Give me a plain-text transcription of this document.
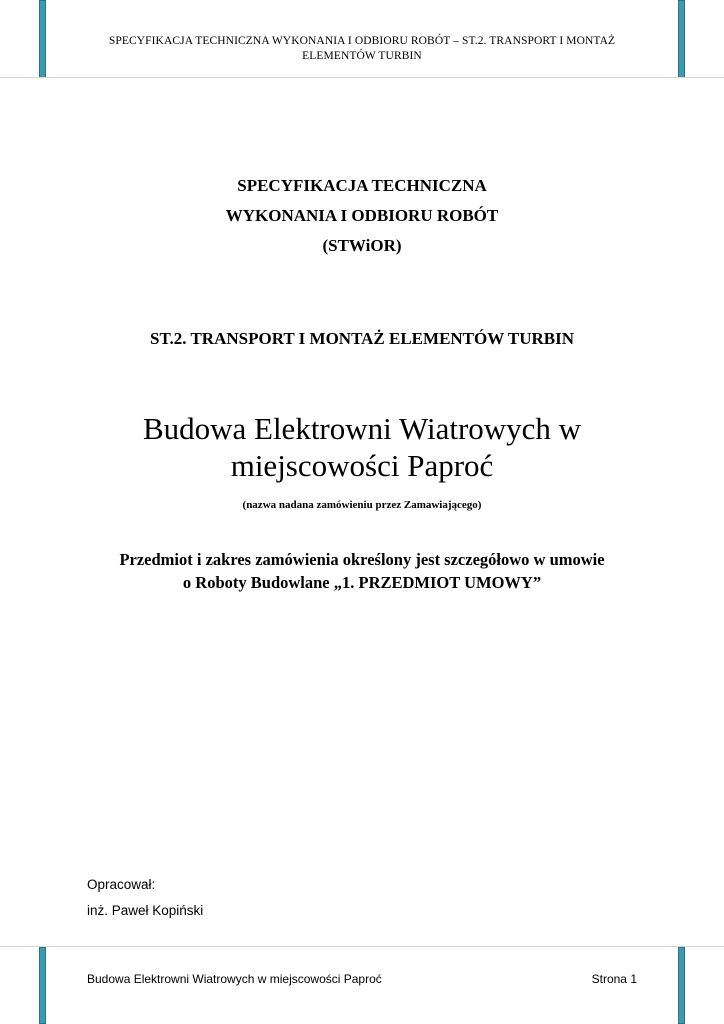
SPECYFIKACJA TECHNICZNA WYKONANIA I ODBIORU ROBÓT – ST.2. TRANSPORT I MONTAŻ
ELEMENTÓW TURBIN
SPECYFIKACJA TECHNICZNA
WYKONANIA I ODBIORU ROBÓT
(STWiOR)
ST.2. TRANSPORT I MONTAŻ ELEMENTÓW TURBIN
Budowa Elektrowni Wiatrowych w
miejscowości Paproć
(nazwa nadana zamówieniu przez Zamawiającego)
Przedmiot i zakres zamówienia określony jest szczegółowo w umowie
o Roboty Budowlane „1. PRZEDMIOT UMOWY”
Opracował:
inż. Paweł Kopiński
Budowa Elektrowni Wiatrowych w miejscowości Paproć	Strona 1
